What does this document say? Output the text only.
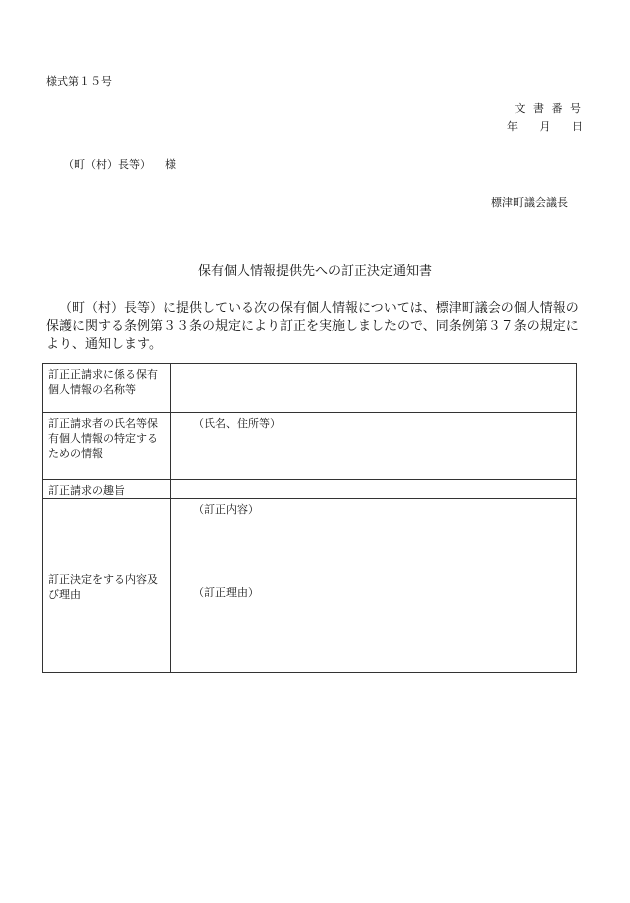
様式第１５号
文 書 番 号
年 月 日
（町（村）長等） 様
標津町議会議長
保有個人情報提供先への訂正決定通知書
（町（村）長等）に提供している次の保有個人情報については、標津町議会の個人情報の保護に関する条例第３３条の規定により訂正を実施しましたので、同条例第３７条の規定により、通知します。
訂正正請求に係る保有個人情報の名称等	
訂正請求者の氏名等保有個人情報の特定するための情報	（氏名、住所等）
訂正請求の趣旨	
訂正決定をする内容及び理由	（訂正内容）
（訂正理由）
